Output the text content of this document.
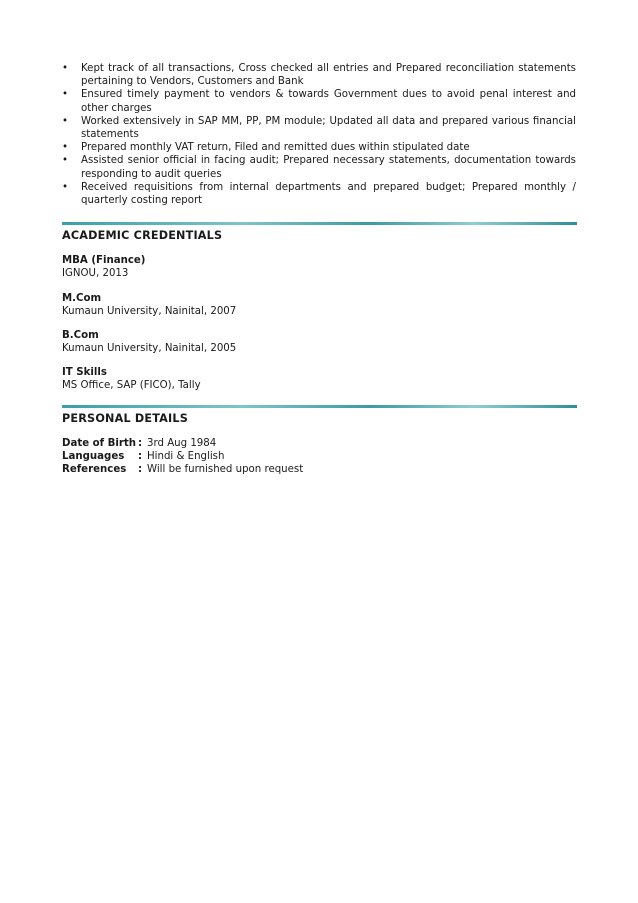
• Kept track of all transactions, Cross checked all entries and Prepared reconciliation statements pertaining to Vendors, Customers and Bank
• Ensured timely payment to vendors & towards Government dues to avoid penal interest and other charges
• Worked extensively in SAP MM, PP, PM module; Updated all data and prepared various financial statements
• Prepared monthly VAT return, Filed and remitted dues within stipulated date
• Assisted senior official in facing audit; Prepared necessary statements, documentation towards responding to audit queries
• Received requisitions from internal departments and prepared budget; Prepared monthly / quarterly costing report
ACADEMIC CREDENTIALS
MBA (Finance)
IGNOU, 2013
M.Com
Kumaun University, Nainital, 2007
B.Com
Kumaun University, Nainital, 2005
IT Skills
MS Office, SAP (FICO), Tally
PERSONAL DETAILS
Date of Birth : 3rd Aug 1984
Languages	: Hindi & English
References	: Will be furnished upon request
